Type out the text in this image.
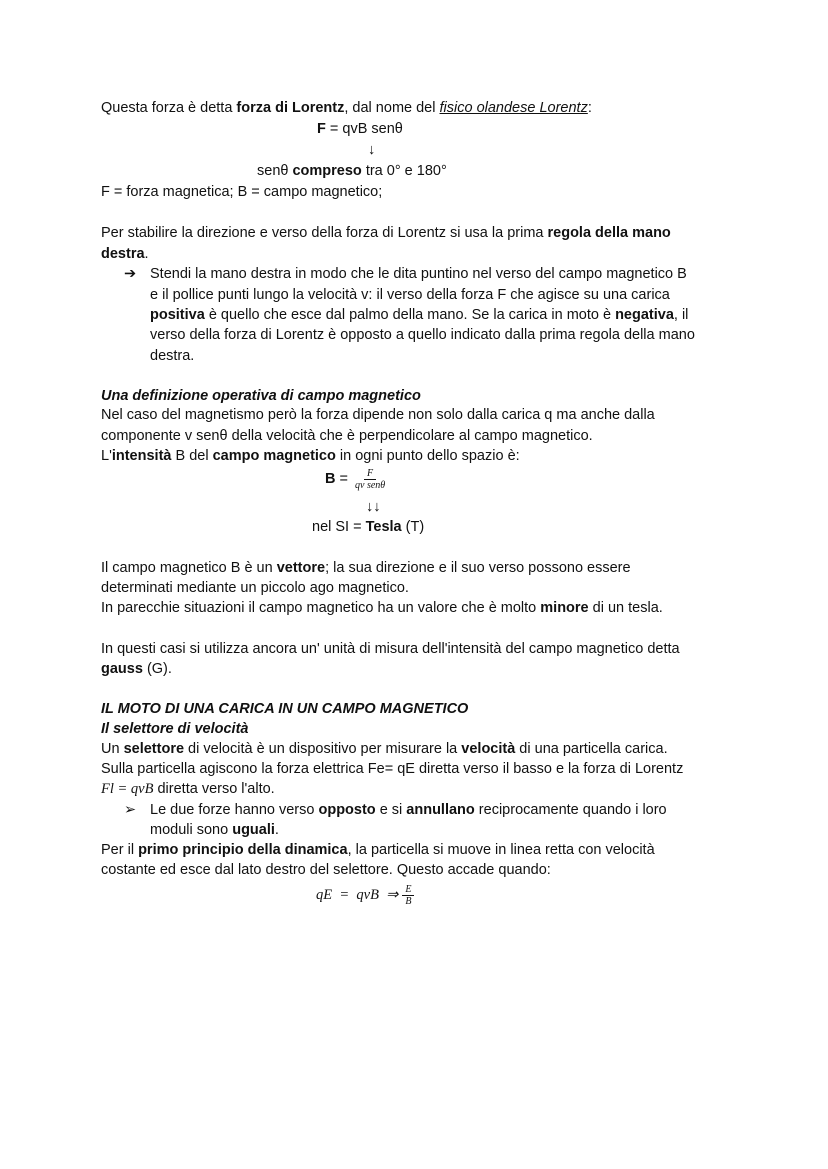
Questa forza è detta forza di Lorentz, dal nome del fisico olandese Lorentz:
F = qvB senθ
↓
senθ compreso tra 0° e 180°
F = forza magnetica; B = campo magnetico;
Per stabilire la direzione e verso della forza di Lorentz si usa la prima regola della mano
destra.
➔ Stendi la mano destra in modo che le dita puntino nel verso del campo magnetico B
e il pollice punti lungo la velocità v: il verso della forza F che agisce su una carica
positiva è quello che esce dal palmo della mano. Se la carica in moto è negativa, il
verso della forza di Lorentz è opposto a quello indicato dalla prima regola della mano
destra.
Una definizione operativa di campo magnetico
Nel caso del magnetismo però la forza dipende non solo dalla carica q ma anche dalla
componente v senθ della velocità che è perpendicolare al campo magnetico.
L'intensità B del campo magnetico in ogni punto dello spazio è:
$B = \frac{F}{\text{qv senθ}}$
↓↓
nel SI = Tesla (T)
Il campo magnetico B è un vettore; la sua direzione e il suo verso possono essere
determinati mediante un piccolo ago magnetico.
In parecchie situazioni il campo magnetico ha un valore che è molto minore di un tesla.
In questi casi si utilizza ancora un' unità di misura dell'intensità del campo magnetico detta
gauss (G).
IL MOTO DI UNA CARICA IN UN CAMPO MAGNETICO
Il selettore di velocità
Un selettore di velocità è un dispositivo per misurare la velocità di una particella carica.
Sulla particella agiscono la forza elettrica Fe= qE diretta verso il basso e la forza di Lorentz
Fl = qvB diretta verso l'alto.
➢ Le due forze hanno verso opposto e si annullano reciprocamente quando i loro
moduli sono uguali.
Per il primo principio della dinamica, la particella si muove in linea retta con velocità
costante ed esce dal lato destro del selettore. Questo accade quando:
qE  =  qvB  ⇒ $\frac{E}{B}$
